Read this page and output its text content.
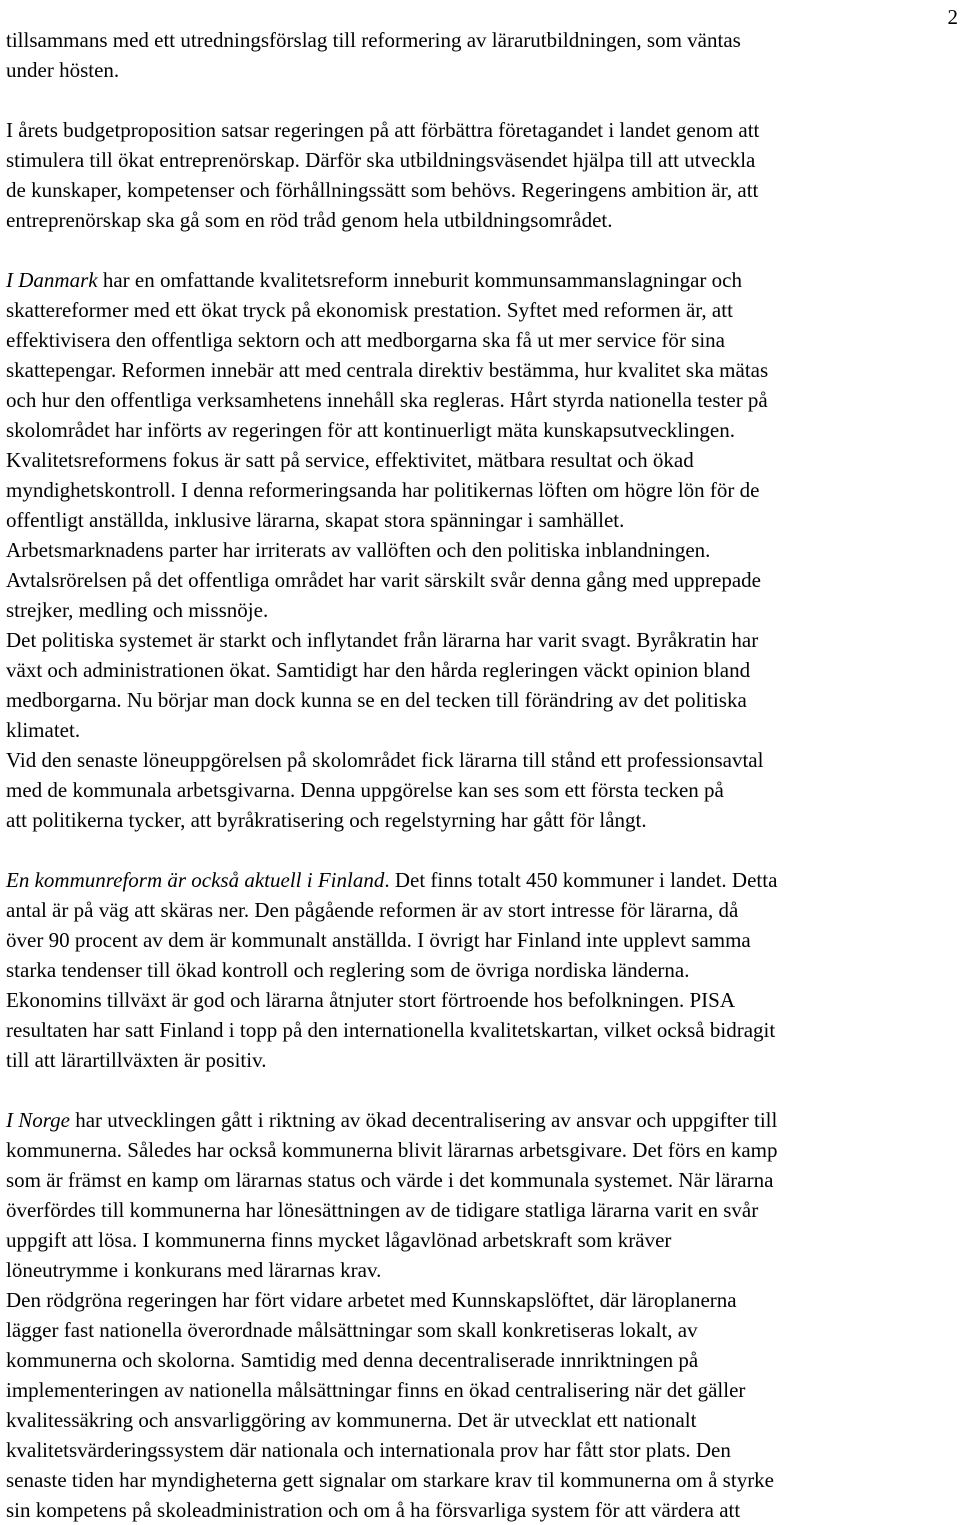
2

tillsammans med ett utredningsförslag till reformering av lärarutbildningen, som väntas
under hösten.

I årets budgetproposition satsar regeringen på att förbättra företagandet i landet genom att
stimulera till ökat entreprenörskap. Därför ska utbildningsväsendet hjälpa till att utveckla
de kunskaper, kompetenser och förhållningssätt som behövs. Regeringens ambition är, att
entreprenörskap ska gå som en röd tråd genom hela utbildningsområdet.

I Danmark har en omfattande kvalitetsreform inneburit kommunsammanslagningar och
skattereformer med ett ökat tryck på ekonomisk prestation. Syftet med reformen är, att
effektivisera den offentliga sektorn och att medborgarna ska få ut mer service för sina
skattepengar. Reformen innebär att med centrala direktiv bestämma, hur kvalitet ska mätas
och hur den offentliga verksamhetens innehåll ska regleras. Hårt styrda nationella tester på
skolområdet har införts av regeringen för att kontinuerligt mäta kunskapsutvecklingen.
Kvalitetsreformens fokus är satt på service, effektivitet, mätbara resultat och ökad
myndighetskontroll. I denna reformeringsanda har politikernas löften om högre lön för de
offentligt anställda, inklusive lärarna, skapat stora spänningar i samhället.

Arbetsmarknadens parter har irriterats av vallöften och den politiska inblandningen.
Avtalsrörelsen på det offentliga området har varit särskilt svår denna gång med upprepade
strejker, medling och missnöje.

Det politiska systemet är starkt och inflytandet från lärarna har varit svagt. Byråkratin har
växt och administrationen ökat. Samtidigt har den hårda regleringen väckt opinion bland
medborgarna. Nu börjar man dock kunna se en del tecken till förändring av det politiska
klimatet.

Vid den senaste löneuppgörelsen på skolområdet fick lärarna till stånd ett professionsavtal
med de kommunala arbetsgivarna. Denna uppgörelse kan ses som ett första tecken på
att politikerna tycker, att byråkratisering och regelstyrning har gått för långt.

En kommunreform är också aktuell i Finland. Det finns totalt 450 kommuner i landet. Detta
antal är på väg att skäras ner. Den pågående reformen är av stort intresse för lärarna, då
över 90 procent av dem är kommunalt anställda. I övrigt har Finland inte upplevt samma
starka tendenser till ökad kontroll och reglering som de övriga nordiska länderna.
Ekonomins tillväxt är god och lärarna åtnjuter stort förtroende hos befolkningen. PISA
resultaten har satt Finland i topp på den internationella kvalitetskartan, vilket också bidragit
till att lärartillväxten är positiv.

I Norge har utvecklingen gått i riktning av ökad decentralisering av ansvar och uppgifter till
kommunerna. Således har också kommunerna blivit lärarnas arbetsgivare. Det förs en kamp
som är främst en kamp om lärarnas status och värde i det kommunala systemet. När lärarna
överfördes till kommunerna har lönesättningen av de tidigare statliga lärarna varit en svår
uppgift att lösa. I kommunerna finns mycket lågavlönad arbetskraft som kräver
löneutrymme i konkurans med lärarnas krav.

Den rödgröna regeringen har fört vidare arbetet med Kunnskapslöftet, där läroplanerna
lägger fast nationella överordnade målsättningar som skall konkretiseras lokalt, av
kommunerna och skolorna. Samtidig med denna decentraliserade innriktningen på
implementeringen av nationella målsättningar finns en ökad centralisering när det gäller
kvalitessäkring och ansvarliggöring av kommunerna. Det är utvecklat ett nationalt
kvalitetsvärderingssystem där nationala och internationala prov har fått stor plats. Den
senaste tiden har myndigheterna gett signalar om starkare krav til kommunerna om å styrke
sin kompetens på skoleadministration och om å ha försvarliga system för att värdera att
